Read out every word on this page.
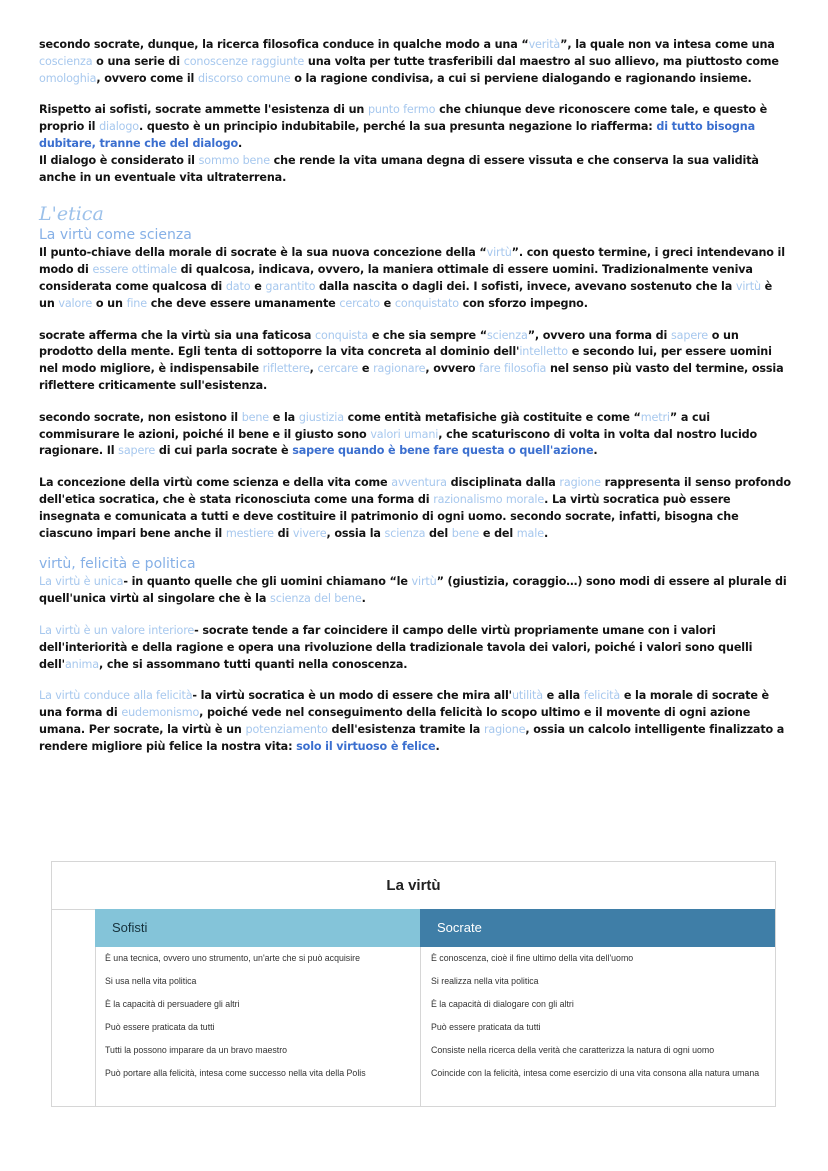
secondo socrate, dunque, la ricerca filosofica conduce in qualche modo a una “verità”, la quale non va intesa come una coscienza o una serie di conoscenze raggiunte una volta per tutte trasferibili dal maestro al suo allievo, ma piuttosto come omologhia, ovvero come il discorso comune o la ragione condivisa, a cui si perviene dialogando e ragionando insieme.

Rispetto ai sofisti, socrate ammette l'esistenza di un punto fermo che chiunque deve riconoscere come tale, e questo è proprio il dialogo. questo è un principio indubitabile, perché la sua presunta negazione lo riafferma: di tutto bisogna dubitare, tranne che del dialogo.
Il dialogo è considerato il sommo bene che rende la vita umana degna di essere vissuta e che conserva la sua validità anche in un eventuale vita ultraterrena.

L'etica
La virtù come scienza

Il punto-chiave della morale di socrate è la sua nuova concezione della “virtù”. con questo termine, i greci intendevano il modo di essere ottimale di qualcosa, indicava, ovvero, la maniera ottimale di essere uomini. Tradizionalmente veniva considerata come qualcosa di dato e garantito dalla nascita o dagli dei. I sofisti, invece, avevano sostenuto che la virtù è un valore o un fine che deve essere umanamente cercato e conquistato con sforzo impegno.

socrate afferma che la virtù sia una faticosa conquista e che sia sempre “scienza”, ovvero una forma di sapere o un prodotto della mente. Egli tenta di sottoporre la vita concreta al dominio dell'intelletto e secondo lui, per essere uomini nel modo migliore, è indispensabile riflettere, cercare e ragionare, ovvero fare filosofia nel senso più vasto del termine, ossia riflettere criticamente sull'esistenza.

secondo socrate, non esistono il bene e la giustizia come entità metafisiche già costituite e come “metri” a cui commisurare le azioni, poiché il bene e il giusto sono valori umani, che scaturiscono di volta in volta dal nostro lucido ragionare. Il sapere di cui parla socrate è sapere quando è bene fare questa o quell'azione.

La concezione della virtù come scienza e della vita come avventura disciplinata dalla ragione rappresenta il senso profondo dell'etica socratica, che è stata riconosciuta come una forma di razionalismo morale. La virtù socratica può essere insegnata e comunicata a tutti e deve costituire il patrimonio di ogni uomo. secondo socrate, infatti, bisogna che ciascuno impari bene anche il mestiere di vivere, ossia la scienza del bene e del male.

virtù, felicità e politica

La virtù è unica- in quanto quelle che gli uomini chiamano “le virtù” (giustizia, coraggio…) sono modi di essere al plurale di quell'unica virtù al singolare che è la scienza del bene.

La virtù è un valore interiore- socrate tende a far coincidere il campo delle virtù propriamente umane con i valori dell'interiorità e della ragione e opera una rivoluzione della tradizionale tavola dei valori, poiché i valori sono quelli dell'anima, che si assommano tutti quanti nella conoscenza.

La virtù conduce alla felicità- la virtù socratica è un modo di essere che mira all'utilità e alla felicità e la morale di socrate è una forma di eudemonismo, poiché vede nel conseguimento della felicità lo scopo ultimo e il movente di ogni azione umana. Per socrate, la virtù è un potenziamento dell'esistenza tramite la ragione, ossia un calcolo intelligente finalizzato a rendere migliore più felice la nostra vita: solo il virtuoso è felice.

La virtù
Sofisti	Socrate
È una tecnica, ovvero uno strumento, un'arte che si può acquisire	È conoscenza, cioè il fine ultimo della vita dell'uomo
Si usa nella vita politica	Si realizza nella vita politica
È la capacità di persuadere gli altri	È la capacità di dialogare con gli altri
Può essere praticata da tutti	Può essere praticata da tutti
Tutti la possono imparare da un bravo maestro	Consiste nella ricerca della verità che caratterizza la natura di ogni uomo
Può portare alla felicità, intesa come successo nella vita della Polis	Coincide con la felicità, intesa come esercizio di una vita consona alla natura umana
